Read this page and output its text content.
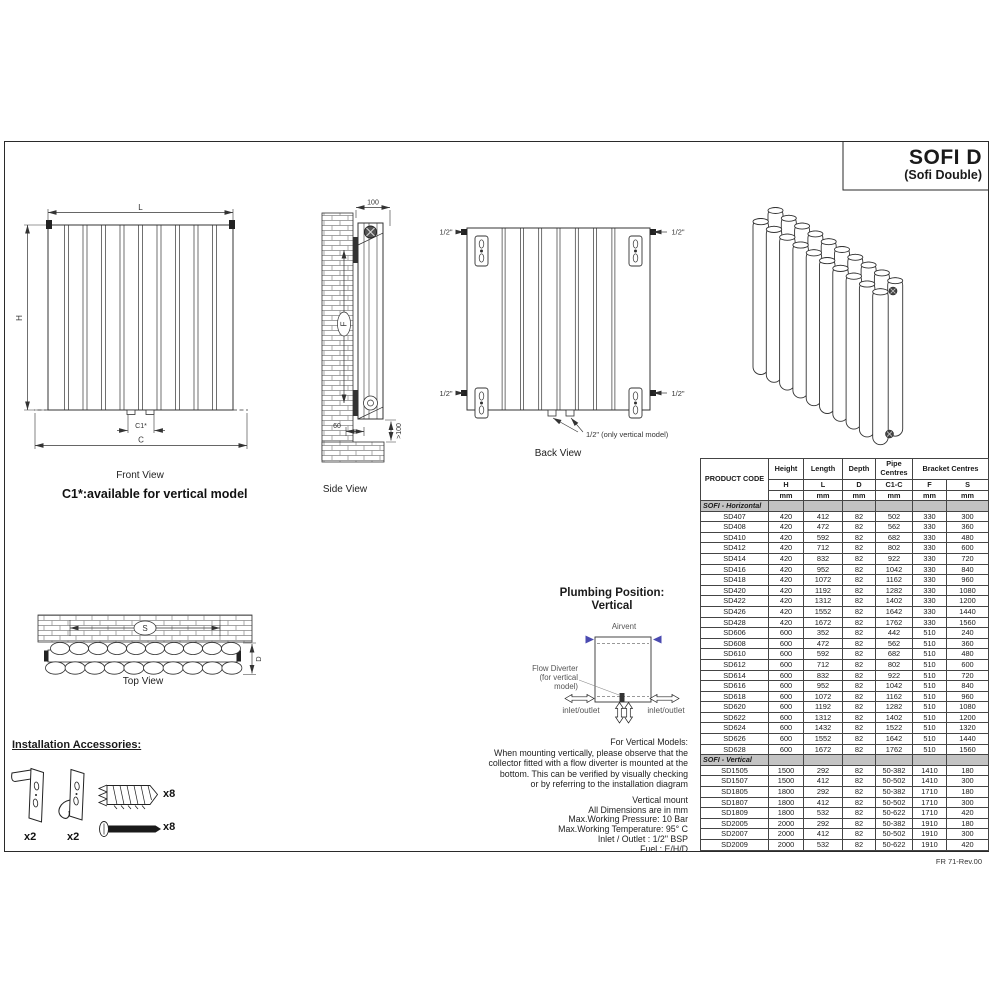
L
H
C
C1*
F
100
60	>100
1/2"	1/2"
1/2"	1/2"
1/2" (only vertical model)
S
D
SOFI D
(Sofi Double)
Front View
Side View
Back View
Top View
C1*:available for vertical model
Plumbing Position:
Vertical
Airvent
Flow Diverter
(for vertical model)
inlet/outlet	inlet/outlet
Installation Accessories:
x2	x2
x8
x8
For Vertical Models:
When mounting vertically, please observe that the
collector fitted with a flow diverter is mounted at the
bottom. This can be verified by visually checking
or by referring to the installation diagram
Vertical mount
All Dimensions are in mm
Max.Working Pressure: 10 Bar
Max.Working Temperature: 95° C
Inlet / Outlet : 1/2" BSP
Fuel : E/H/D
PRODUCT CODE	Height	Length	Depth	Pipe Centres	Bracket Centres	
	H	L	D	C1-C	F	S
	mm	mm	mm	mm	mm	mm
SOFI - Horizontal						
SD407	420	412	82	502	330	300
SD408	420	472	82	562	330	360
SD410	420	592	82	682	330	480
SD412	420	712	82	802	330	600
SD414	420	832	82	922	330	720
SD416	420	952	82	1042	330	840
SD418	420	1072	82	1162	330	960
SD420	420	1192	82	1282	330	1080
SD422	420	1312	82	1402	330	1200
SD426	420	1552	82	1642	330	1440
SD428	420	1672	82	1762	330	1560
SD606	600	352	82	442	510	240
SD608	600	472	82	562	510	360
SD610	600	592	82	682	510	480
SD612	600	712	82	802	510	600
SD614	600	832	82	922	510	720
SD616	600	952	82	1042	510	840
SD618	600	1072	82	1162	510	960
SD620	600	1192	82	1282	510	1080
SD622	600	1312	82	1402	510	1200
SD624	600	1432	82	1522	510	1320
SD626	600	1552	82	1642	510	1440
SD628	600	1672	82	1762	510	1560
SOFI - Vertical						
SD1505	1500	292	82	50-382	1410	180
SD1507	1500	412	82	50-502	1410	300
SD1805	1800	292	82	50-382	1710	180
SD1807	1800	412	82	50-502	1710	300
SD1809	1800	532	82	50-622	1710	420
SD2005	2000	292	82	50-382	1910	180
SD2007	2000	412	82	50-502	1910	300
SD2009	2000	532	82	50-622	1910	420
FR 71-Rev.00
